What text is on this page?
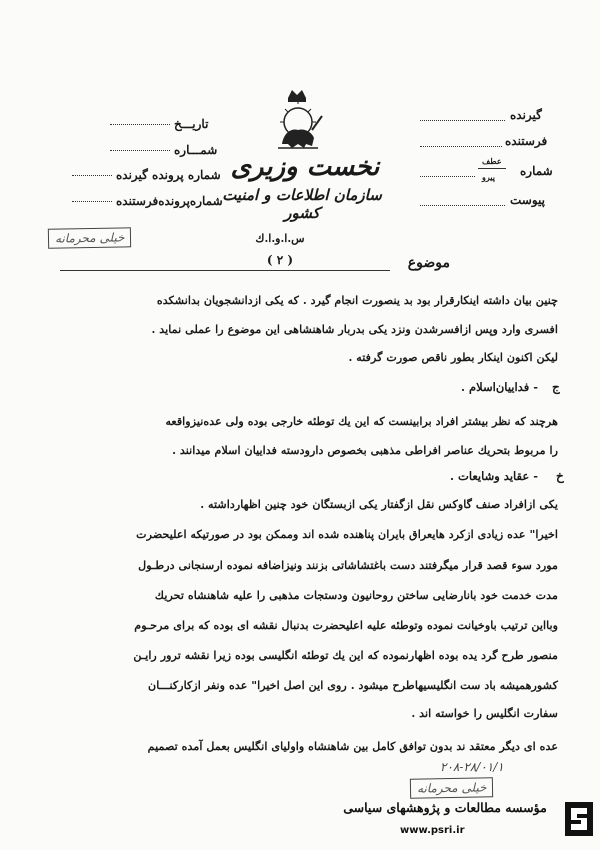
تاريـــخ
شمـــاره
شماره پرونده گيرنده
شماره‌پرونده‌فرستنده
گيرنده
فرستنده
شماره
عطف
پيرو
پيوست
نخست وزيری
سازمان اطلاعات و امنيت كشور
س.ا.و.ا.ك
( ۲ )
خيلی محرمانه
موضوع
چنين بيان داشته اينكارقرار بود بد ينصورت انجام گيرد . كه يكی ازدانشجويان بدانشكده
افسری وارد وپس ازافسرشدن ونزد يكی بدربار شاهنشاهی اين موضوع را عملی نمايد .
ليكن اكنون اينكار بطور ناقص صورت گرفته .
ج
- فداييان‌اسلام .
هرچند كه نظر بيشتر افراد برابينست كه اين يك توطئه خارجی بوده ولی عده‌نيزواقعه
را مربوط بتحريك عناصر افراطی مذهبی بخصوص دارودسته فداييان اسلام ميدانند .
خ
- عقايد وشايعات .
يكی ازافراد صنف گاوكس نقل ازگفتار يكی ازبستگان خود چنين اظهارداشته .
اخيرا" عده زيادی ازكرد هایعراق بايران پناهنده شده اند وممكن بود در صورتيكه اعليحضرت
مورد سوء قصد قرار ميگرفتند دست باغتشاشاتی بزنند ونيزاضافه نموده ارسنجانی درطـول
مدت خدمت خود بانارضايی ساختن روحانيون ودستجات مذهبی را عليه شاهنشاه تحريك
وبااين ترتيب باوخيانت نموده وتوطئه عليه اعليحضرت بدنبال نقشه ای بوده كه برای مرحـوم
منصور طرح گرد يده بوده اظهارنموده كه اين يك توطئه انگليسی بوده زيرا نقشه ترور رايـن
كشورهميشه باد ست انگليسيهاطرح ميشود . روی اين اصل اخيرا" عده ونفر ازكاركنـــان
سفارت انگليس را خواسته اند .
عده ای ديگر معتقد ند بدون توافق كامل بين شاهنشاه واوليای انگليس بعمل آمده تصميم
۲۰۸-۲۸/۰۱/۱
خيلی محرمانه
مؤسسه مطالعات و پژوهشهای سیاسی
www.psri.ir
